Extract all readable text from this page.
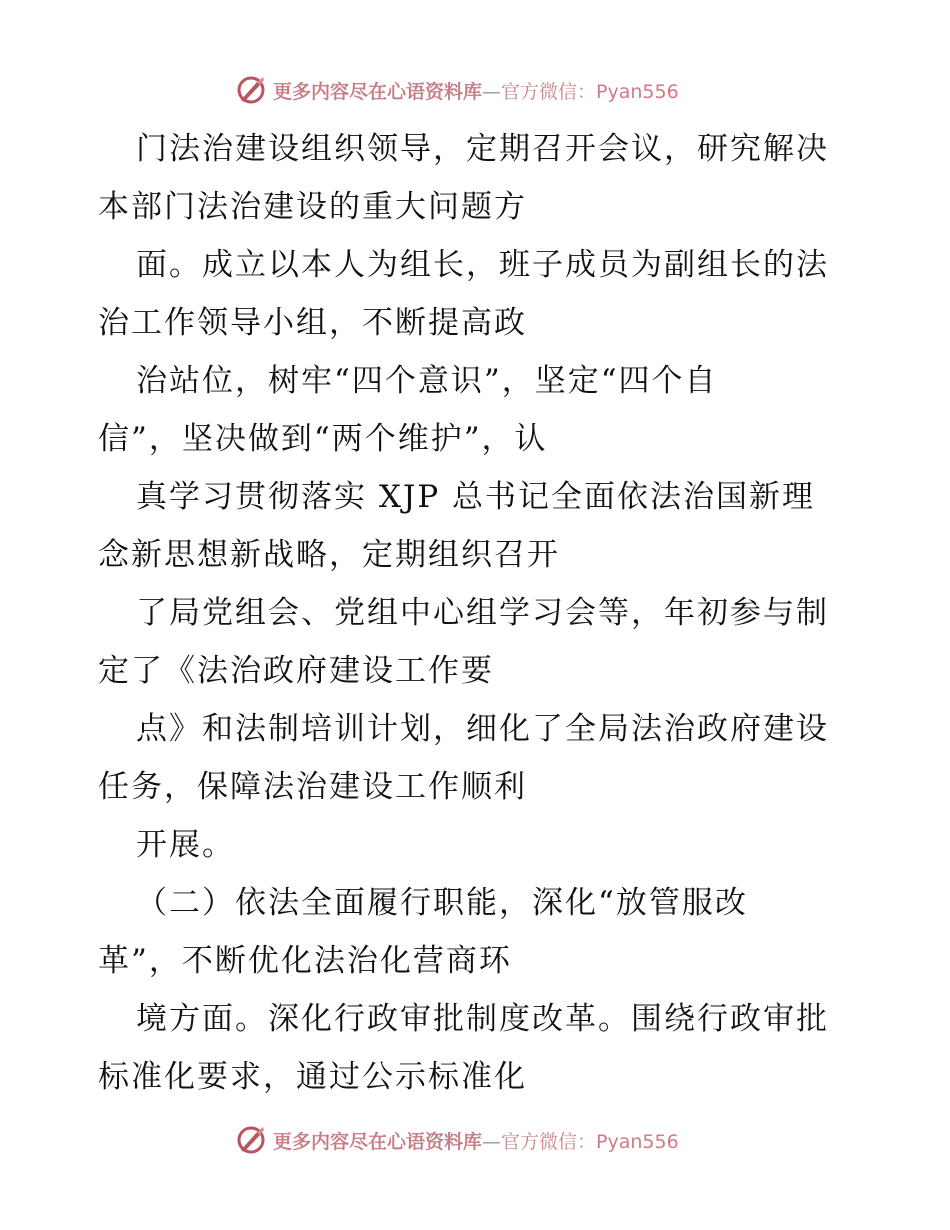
更多内容尽在心语资料库—官方微信：Pyan556
门法治建设组织领导，定期召开会议，研究解决
本部门法治建设的重大问题方
面。成立以本人为组长，班子成员为副组长的法
治工作领导小组，不断提高政
治站位，树牢“四个意识”，坚定“四个自
信”，坚决做到“两个维护”，认
真学习贯彻落实 XJP 总书记全面依法治国新理
念新思想新战略，定期组织召开
了局党组会、党组中心组学习会等，年初参与制
定了《法治政府建设工作要
点》和法制培训计划，细化了全局法治政府建设
任务，保障法治建设工作顺利
开展。
（二）依法全面履行职能，深化“放管服改
革”，不断优化法治化营商环
境方面。深化行政审批制度改革。围绕行政审批
标准化要求，通过公示标准化
更多内容尽在心语资料库—官方微信：Pyan556
